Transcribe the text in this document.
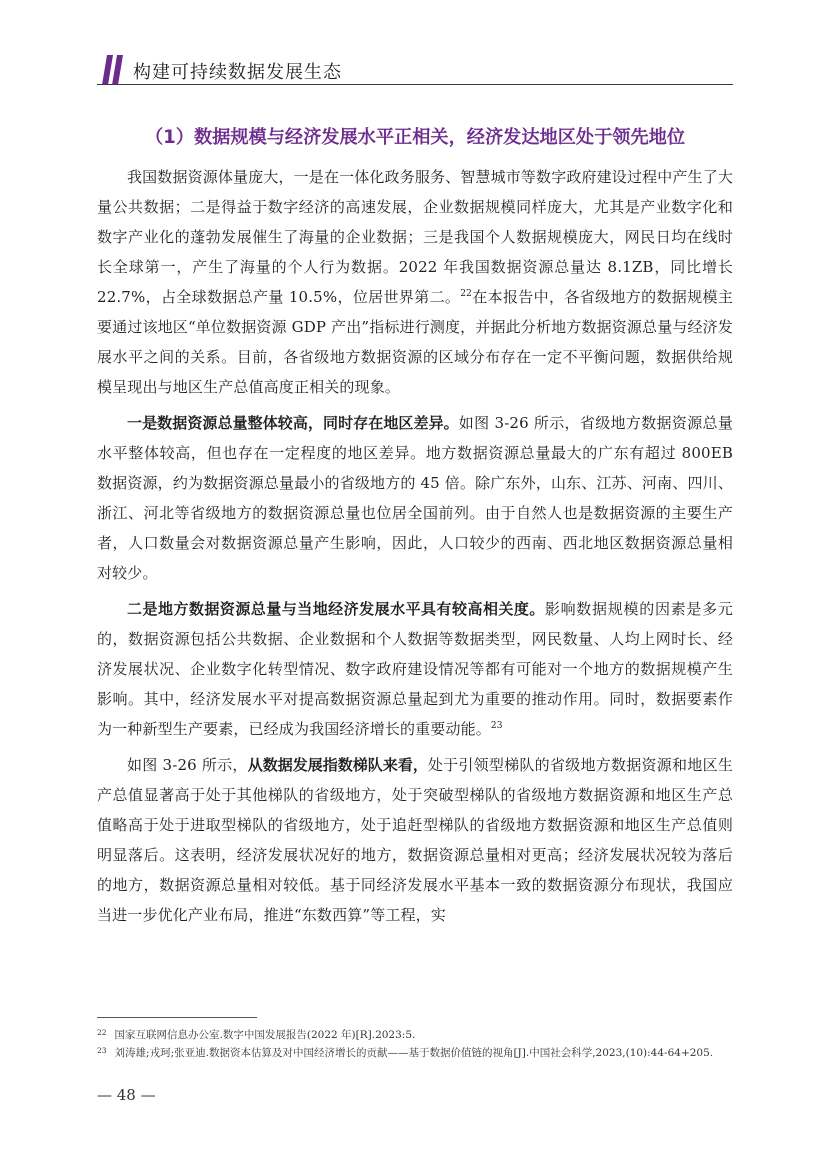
构建可持续数据发展生态
（1）数据规模与经济发展水平正相关，经济发达地区处于领先地位

我国数据资源体量庞大，一是在一体化政务服务、智慧城市等数字政府建设过程中产生了大量公共数据；二是得益于数字经济的高速发展，企业数据规模同样庞大，尤其是产业数字化和数字产业化的蓬勃发展催生了海量的企业数据；三是我国个人数据规模庞大，网民日均在线时长全球第一，产生了海量的个人行为数据。2022 年我国数据资源总量达 8.1ZB，同比增长 22.7%，占全球数据总产量 10.5%，位居世界第二。$^{22}$在本报告中，各省级地方的数据规模主要通过该地区“单位数据资源 GDP 产出”指标进行测度，并据此分析地方数据资源总量与经济发展水平之间的关系。目前，各省级地方数据资源的区域分布存在一定不平衡问题，数据供给规模呈现出与地区生产总值高度正相关的现象。

一是数据资源总量整体较高，同时存在地区差异。如图 3-26 所示，省级地方数据资源总量水平整体较高，但也存在一定程度的地区差异。地方数据资源总量最大的广东有超过 800EB 数据资源，约为数据资源总量最小的省级地方的 45 倍。除广东外，山东、江苏、河南、四川、浙江、河北等省级地方的数据资源总量也位居全国前列。由于自然人也是数据资源的主要生产者，人口数量会对数据资源总量产生影响，因此，人口较少的西南、西北地区数据资源总量相对较少。

二是地方数据资源总量与当地经济发展水平具有较高相关度。影响数据规模的因素是多元的，数据资源包括公共数据、企业数据和个人数据等数据类型，网民数量、人均上网时长、经济发展状况、企业数字化转型情况、数字政府建设情况等都有可能对一个地方的数据规模产生影响。其中，经济发展水平对提高数据资源总量起到尤为重要的推动作用。同时，数据要素作为一种新型生产要素，已经成为我国经济增长的重要动能。$^{23}$

如图 3-26 所示，从数据发展指数梯队来看，处于引领型梯队的省级地方数据资源和地区生产总值显著高于处于其他梯队的省级地方，处于突破型梯队的省级地方数据资源和地区生产总值略高于处于进取型梯队的省级地方，处于追赶型梯队的省级地方数据资源和地区生产总值则明显落后。这表明，经济发展状况好的地方，数据资源总量相对更高；经济发展状况较为落后的地方，数据资源总量相对较低。基于同经济发展水平基本一致的数据资源分布现状，我国应当进一步优化产业布局，推进“东数西算”等工程，实

$^{22}$ 国家互联网信息办公室.数字中国发展报告(2022 年)[R].2023:5.
$^{23}$ 刘涛雄;戎珂;张亚迪.数据资本估算及对中国经济增长的贡献——基于数据价值链的视角[J].中国社会科学,2023,(10):44-64+205.
— 48 —
